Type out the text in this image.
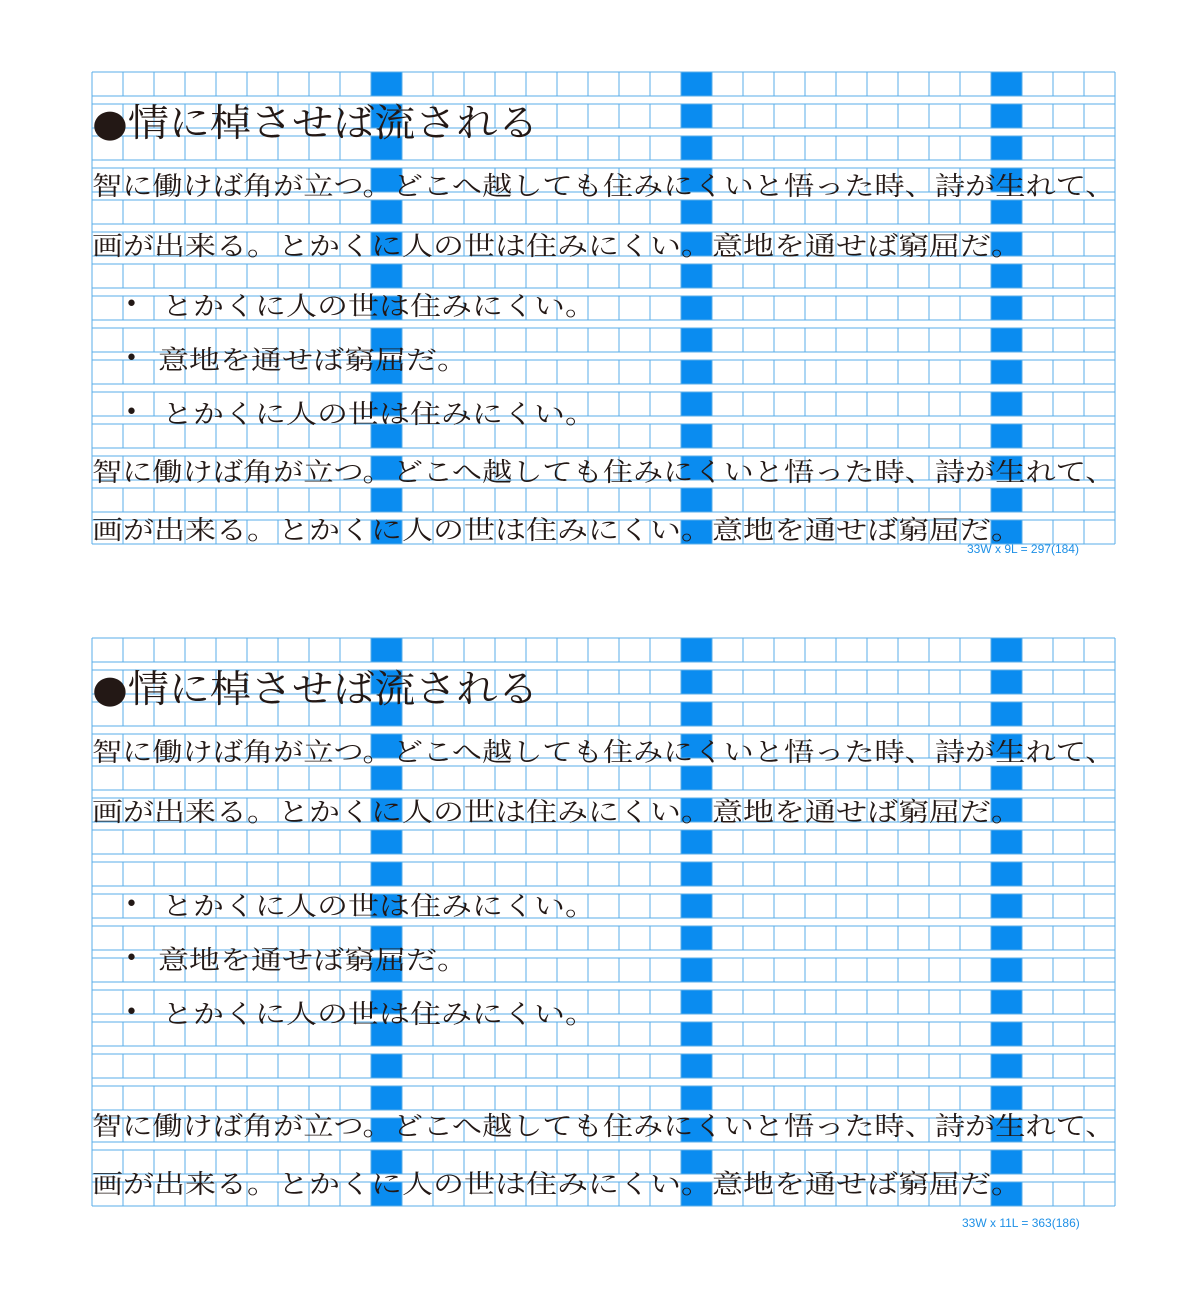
●情に棹させば流される
智に働けば角が立つ。どこへ越しても住みにくいと悟った時、詩が生れて、
画が出来る。とかくに人の世は住みにくい。意地を通せば窮屈だ。
• とかくに人の世は住みにくい。
• 意地を通せば窮屈だ。
• とかくに人の世は住みにくい。
智に働けば角が立つ。どこへ越しても住みにくいと悟った時、詩が生れて、
画が出来る。とかくに人の世は住みにくい。意地を通せば窮屈だ。
33W x 9L = 297(184)
●情に棹させば流される
智に働けば角が立つ。どこへ越しても住みにくいと悟った時、詩が生れて、
画が出来る。とかくに人の世は住みにくい。意地を通せば窮屈だ。
• とかくに人の世は住みにくい。
• 意地を通せば窮屈だ。
• とかくに人の世は住みにくい。
智に働けば角が立つ。どこへ越しても住みにくいと悟った時、詩が生れて、
画が出来る。とかくに人の世は住みにくい。意地を通せば窮屈だ。
33W x 11L = 363(186)
